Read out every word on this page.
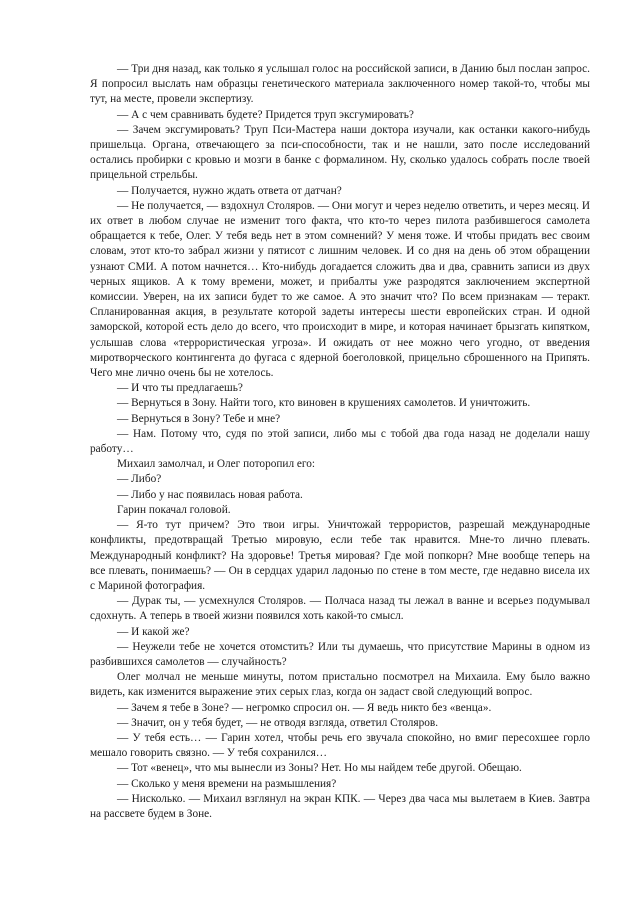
— Три дня назад, как только я услышал голос на российской записи, в Данию был послан запрос. Я попросил выслать нам образцы генетического материала заключенного номер такой-то, чтобы мы тут, на месте, провели экспертизу.

— А с чем сравнивать будете? Придется труп эксгумировать?

— Зачем эксгумировать? Труп Пси-Мастера наши доктора изучали, как останки какого-нибудь пришельца. Органа, отвечающего за пси-способности, так и не нашли, зато после исследований остались пробирки с кровью и мозги в банке с формалином. Ну, сколько удалось собрать после твоей прицельной стрельбы.

— Получается, нужно ждать ответа от датчан?

— Не получается, — вздохнул Столяров. — Они могут и через неделю ответить, и через месяц. И их ответ в любом случае не изменит того факта, что кто-то через пилота разбившегося самолета обращается к тебе, Олег. У тебя ведь нет в этом сомнений? У меня тоже. И чтобы придать вес своим словам, этот кто-то забрал жизни у пятисот с лишним человек. И со дня на день об этом обращении узнают СМИ. А потом начнется… Кто-нибудь догадается сложить два и два, сравнить записи из двух черных ящиков. А к тому времени, может, и прибалты уже разродятся заключением экспертной комиссии. Уверен, на их записи будет то же самое. А это значит что? По всем признакам — теракт. Спланированная акция, в результате которой задеты интересы шести европейских стран. И одной заморской, которой есть дело до всего, что происходит в мире, и которая начинает брызгать кипятком, услышав слова «террористическая угроза». И ожидать от нее можно чего угодно, от введения миротворческого контингента до фугаса с ядерной боеголовкой, прицельно сброшенного на Припять. Чего мне лично очень бы не хотелось.

— И что ты предлагаешь?

— Вернуться в Зону. Найти того, кто виновен в крушениях самолетов. И уничтожить.

— Вернуться в Зону? Тебе и мне?

— Нам. Потому что, судя по этой записи, либо мы с тобой два года назад не доделали нашу работу…

Михаил замолчал, и Олег поторопил его:

— Либо?

— Либо у нас появилась новая работа.

Гарин покачал головой.

— Я-то тут причем? Это твои игры. Уничтожай террористов, разрешай международные конфликты, предотвращай Третью мировую, если тебе так нравится. Мне-то лично плевать. Международный конфликт? На здоровье! Третья мировая? Где мой попкорн? Мне вообще теперь на все плевать, понимаешь? — Он в сердцах ударил ладонью по стене в том месте, где недавно висела их с Мариной фотография.

— Дурак ты, — усмехнулся Столяров. — Полчаса назад ты лежал в ванне и всерьез подумывал сдохнуть. А теперь в твоей жизни появился хоть какой-то смысл.

— И какой же?

— Неужели тебе не хочется отомстить? Или ты думаешь, что присутствие Марины в одном из разбившихся самолетов — случайность?

Олег молчал не меньше минуты, потом пристально посмотрел на Михаила. Ему было важно видеть, как изменится выражение этих серых глаз, когда он задаст свой следующий вопрос.

— Зачем я тебе в Зоне? — негромко спросил он. — Я ведь никто без «венца».

— Значит, он у тебя будет, — не отводя взгляда, ответил Столяров.

— У тебя есть… — Гарин хотел, чтобы речь его звучала спокойно, но вмиг пересохшее горло мешало говорить связно. — У тебя сохранился…

— Тот «венец», что мы вынесли из Зоны? Нет. Но мы найдем тебе другой. Обещаю.

— Сколько у меня времени на размышления?

— Нисколько. — Михаил взглянул на экран КПК. — Через два часа мы вылетаем в Киев. Завтра на рассвете будем в Зоне.
